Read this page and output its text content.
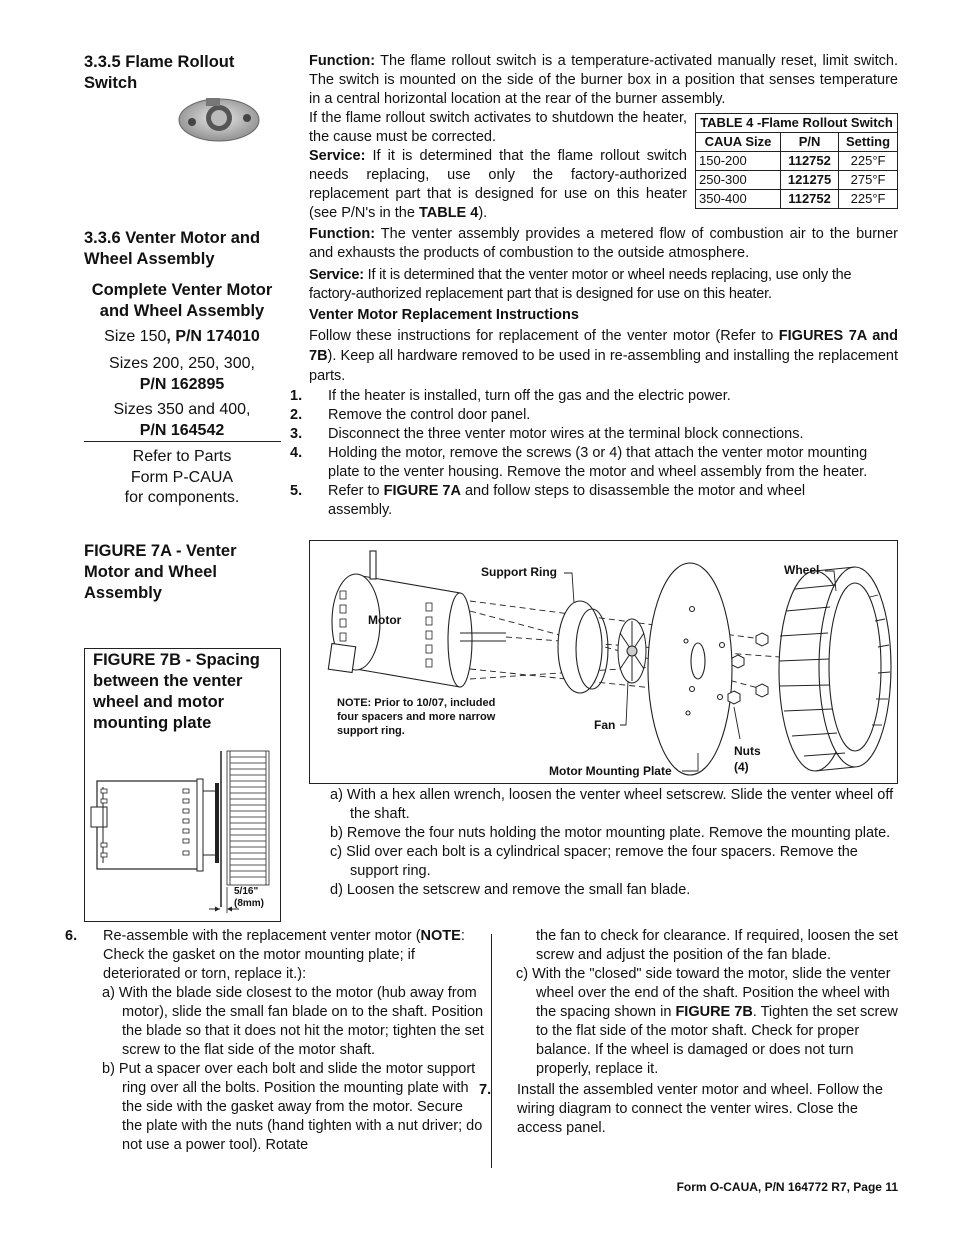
3.3.5 Flame Rollout Switch
3.3.6 Venter Motor and Wheel Assembly
Complete Venter Motor and Wheel Assembly
Size 150, P/N 174010
Sizes 200, 250, 300,
P/N 162895
Sizes 350 and 400,
P/N 164542
Refer to Parts
Form P-CAUA
for components.
FIGURE 7A - Venter Motor and Wheel Assembly
FIGURE 7B - Spacing between the venter wheel and motor mounting plate
5/16"
(8mm)
Function: The flame rollout switch is a temperature-activated manually reset, limit switch. The switch is mounted on the side of the burner box in a position that senses temperature in a central horizontal location at the rear of the burner assembly.
If the flame rollout switch activates to shutdown the heater, the cause must be corrected.
Service: If it is determined that the flame rollout switch needs replacing, use only the factory-authorized replacement part that is designed for use on this heater (see P/N's in the TABLE 4).
TABLE 4 -Flame Rollout Switch		
CAUA Size	P/N	Setting
150-200	112752	225°F
250-300	121275	275°F
350-400	112752	225°F
Function: The venter assembly provides a metered flow of combustion air to the burner and exhausts the products of combustion to the outside atmosphere.
Service: If it is determined that the venter motor or wheel needs replacing, use only the factory-authorized replacement part that is designed for use on this heater.
Venter Motor Replacement Instructions
Follow these instructions for replacement of the venter motor (Refer to FIGURES 7A and 7B). Keep all hardware removed to be used in re-assembling and installing the replacement parts.
1. If the heater is installed, turn off the gas and the electric power.
2. Remove the control door panel.
3. Disconnect the three venter motor wires at the terminal block connections.
4. Holding the motor, remove the screws (3 or 4) that attach the venter motor mounting plate to the venter housing. Remove the motor and wheel assembly from the heater.
5. Refer to FIGURE 7A and follow steps to disassemble the motor and wheel assembly.
Support Ring	Wheel
Motor
NOTE: Prior to 10/07, included four spacers and more narrow support ring.	Fan
Nuts
(4)
Motor Mounting Plate
a) With a hex allen wrench, loosen the venter wheel setscrew. Slide the venter wheel off the shaft.
b) Remove the four nuts holding the motor mounting plate. Remove the mounting plate.
c) Slid over each bolt is a cylindrical spacer; remove the four spacers. Remove the support ring.
d) Loosen the setscrew and remove the small fan blade.
6. Re-assemble with the replacement venter motor (NOTE: Check the gasket on the motor mounting plate; if deteriorated or torn, replace it.):
a) With the blade side closest to the motor (hub away from motor), slide the small fan blade on to the shaft. Position the blade so that it does not hit the motor; tighten the set screw to the flat side of the motor shaft.
b) Put a spacer over each bolt and slide the motor support ring over all the bolts. Position the mounting plate with the side with the gasket away from the motor. Secure the plate with the nuts (hand tighten with a nut driver; do not use a power tool). Rotate
the fan to check for clearance. If required, loosen the set screw and adjust the position of the fan blade.
c) With the "closed" side toward the motor, slide the venter wheel over the end of the shaft. Position the wheel with the spacing shown in FIGURE 7B. Tighten the set screw to the flat side of the motor shaft. Check for proper balance. If the wheel is damaged or does not turn properly, replace it.
7. Install the assembled venter motor and wheel. Follow the wiring diagram to connect the venter wires. Close the access panel.
Form O-CAUA, P/N 164772 R7, Page 11
